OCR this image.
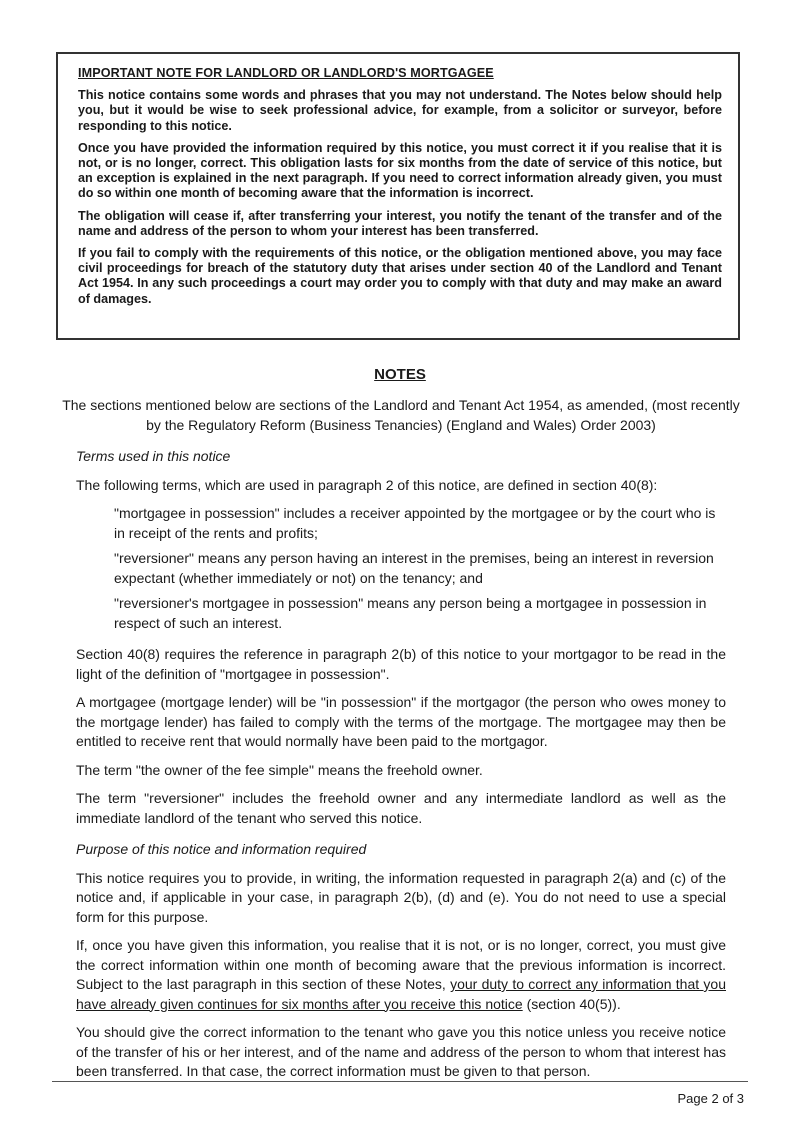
IMPORTANT NOTE FOR LANDLORD OR LANDLORD'S MORTGAGEE

This notice contains some words and phrases that you may not understand. The Notes below should help you, but it would be wise to seek professional advice, for example, from a solicitor or surveyor, before responding to this notice.

Once you have provided the information required by this notice, you must correct it if you realise that it is not, or is no longer, correct. This obligation lasts for six months from the date of service of this notice, but an exception is explained in the next paragraph. If you need to correct information already given, you must do so within one month of becoming aware that the information is incorrect.

The obligation will cease if, after transferring your interest, you notify the tenant of the transfer and of the name and address of the person to whom your interest has been transferred.

If you fail to comply with the requirements of this notice, or the obligation mentioned above, you may face civil proceedings for breach of the statutory duty that arises under section 40 of the Landlord and Tenant Act 1954. In any such proceedings a court may order you to comply with that duty and may make an award of damages.

NOTES

The sections mentioned below are sections of the Landlord and Tenant Act 1954, as amended, (most recently by the Regulatory Reform (Business Tenancies) (England and Wales) Order 2003)

Terms used in this notice

The following terms, which are used in paragraph 2 of this notice, are defined in section 40(8):

"mortgagee in possession" includes a receiver appointed by the mortgagee or by the court who is in receipt of the rents and profits;

"reversioner" means any person having an interest in the premises, being an interest in reversion expectant (whether immediately or not) on the tenancy; and

"reversioner's mortgagee in possession" means any person being a mortgagee in possession in respect of such an interest.

Section 40(8) requires the reference in paragraph 2(b) of this notice to your mortgagor to be read in the light of the definition of "mortgagee in possession".

A mortgagee (mortgage lender) will be "in possession" if the mortgagor (the person who owes money to the mortgage lender) has failed to comply with the terms of the mortgage. The mortgagee may then be entitled to receive rent that would normally have been paid to the mortgagor.

The term "the owner of the fee simple" means the freehold owner.

The term "reversioner" includes the freehold owner and any intermediate landlord as well as the immediate landlord of the tenant who served this notice.

Purpose of this notice and information required

This notice requires you to provide, in writing, the information requested in paragraph 2(a) and (c) of the notice and, if applicable in your case, in paragraph 2(b), (d) and (e). You do not need to use a special form for this purpose.

If, once you have given this information, you realise that it is not, or is no longer, correct, you must give the correct information within one month of becoming aware that the previous information is incorrect. Subject to the last paragraph in this section of these Notes, your duty to correct any information that you have already given continues for six months after you receive this notice (section 40(5)).

You should give the correct information to the tenant who gave you this notice unless you receive notice of the transfer of his or her interest, and of the name and address of the person to whom that interest has been transferred. In that case, the correct information must be given to that person.

Page 2 of 3
